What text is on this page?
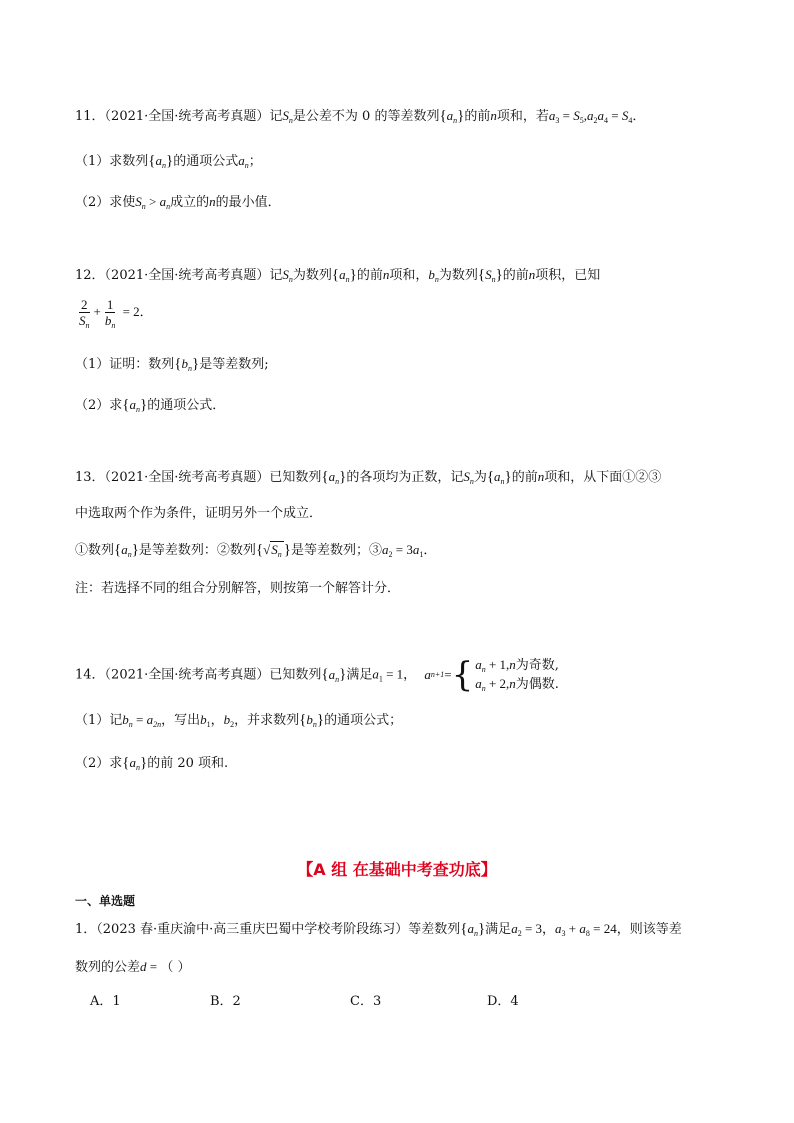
11．（2021·全国·统考高考真题）记$S_n$是公差不为 0 的等差数列$\{a_n\}$的前n项和，若$a_3 = S_5,a_2a_4 = S_4$．
（1）求数列$\{a_n\}$的通项公式$a_n$；
（2）求使$S_n > a_n$成立的n的最小值．
12．（2021·全国·统考高考真题）记$S_n$为数列$\{a_n\}$的前n项和，$b_n$为数列$\{S_n\}$的前n项积，已知
$\frac{2}{S_n} + \frac{1}{b_n} = 2$．
（1）证明：数列$\{b_n\}$是等差数列;
（2）求$\{a_n\}$的通项公式．
13．（2021·全国·统考高考真题）已知数列$\{a_n\}$的各项均为正数，记$S_n$为$\{a_n\}$的前n项和，从下面①②③
中选取两个作为条件，证明另外一个成立．
①数列$\{a_n\}$是等差数列：②数列{$√S_n$ }是等差数列；$③a_2 = 3a_1$．
注：若选择不同的组合分别解答，则按第一个解答计分．
14．（2021·全国·统考高考真题）已知数列$\{a_n\}$满足$a_1 = 1$， a n+1 = { $a_n + 1,n$为奇数,
$a_n + 2,n$为偶数.
（1）记$b_n = a_{2n}$，写出$b_1$，$b_2$，并求数列$\{b_n\}$的通项公式；
（2）求$\{a_n\}$的前 20 项和.
【A 组 在基础中考查功底】
一、单选题
1．（2023 春·重庆渝中·高三重庆巴蜀中学校考阶段练习）等差数列$\{a_n\}$满足$a_2 = 3$，$a_3 + a_8 = 24$，则该等差
数列的公差d = （ ）
A．1	B．2	C．3	D．4
